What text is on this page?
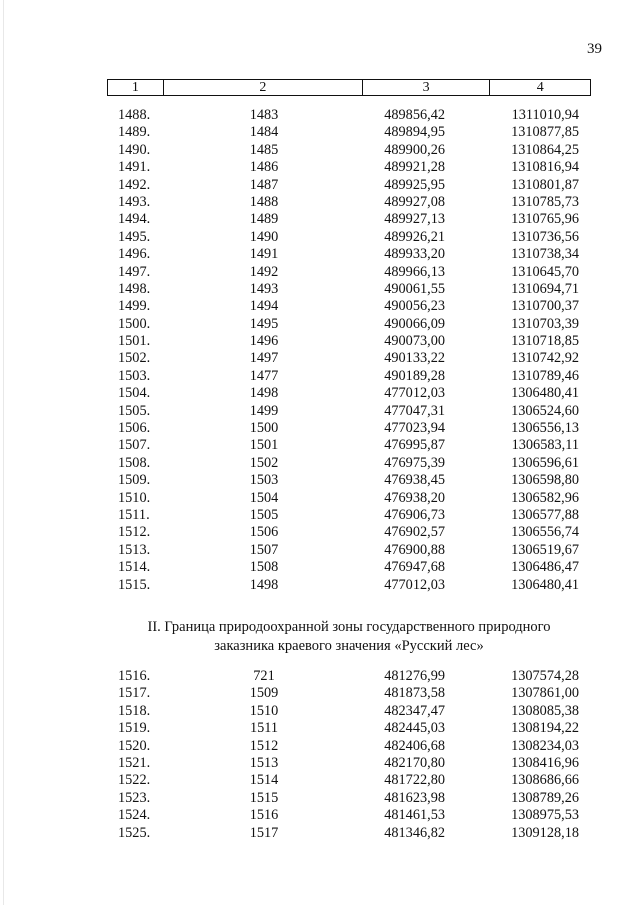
39
1	2	3	4
1488.	1483	489856,42	1311010,94
1489.	1484	489894,95	1310877,85
1490.	1485	489900,26	1310864,25
1491.	1486	489921,28	1310816,94
1492.	1487	489925,95	1310801,87
1493.	1488	489927,08	1310785,73
1494.	1489	489927,13	1310765,96
1495.	1490	489926,21	1310736,56
1496.	1491	489933,20	1310738,34
1497.	1492	489966,13	1310645,70
1498.	1493	490061,55	1310694,71
1499.	1494	490056,23	1310700,37
1500.	1495	490066,09	1310703,39
1501.	1496	490073,00	1310718,85
1502.	1497	490133,22	1310742,92
1503.	1477	490189,28	1310789,46
1504.	1498	477012,03	1306480,41
1505.	1499	477047,31	1306524,60
1506.	1500	477023,94	1306556,13
1507.	1501	476995,87	1306583,11
1508.	1502	476975,39	1306596,61
1509.	1503	476938,45	1306598,80
1510.	1504	476938,20	1306582,96
1511.	1505	476906,73	1306577,88
1512.	1506	476902,57	1306556,74
1513.	1507	476900,88	1306519,67
1514.	1508	476947,68	1306486,47
1515.	1498	477012,03	1306480,41
II. Граница природоохранной зоны государственного природного
заказника краевого значения «Русский лес»
1516.	721	481276,99	1307574,28
1517.	1509	481873,58	1307861,00
1518.	1510	482347,47	1308085,38
1519.	1511	482445,03	1308194,22
1520.	1512	482406,68	1308234,03
1521.	1513	482170,80	1308416,96
1522.	1514	481722,80	1308686,66
1523.	1515	481623,98	1308789,26
1524.	1516	481461,53	1308975,53
1525.	1517	481346,82	1309128,18
